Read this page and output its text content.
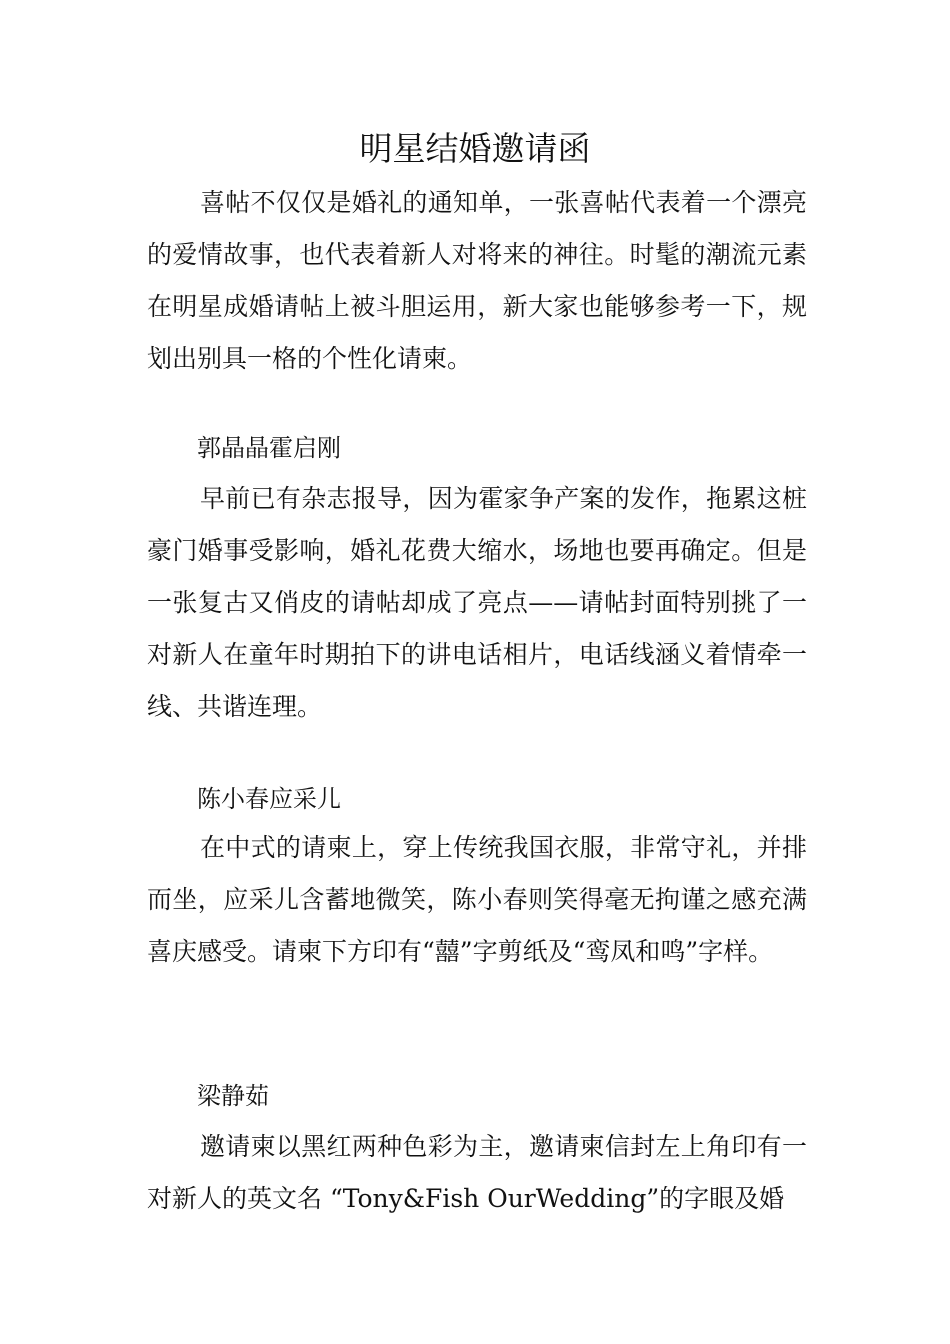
明星结婚邀请函

喜帖不仅仅是婚礼的通知单，一张喜帖代表着一个漂亮的爱情故事，也代表着新人对将来的神往。时髦的潮流元素在明星成婚请帖上被斗胆运用，新大家也能够参考一下，规划出别具一格的个性化请柬。

郭晶晶霍启刚

早前已有杂志报导，因为霍家争产案的发作，拖累这桩豪门婚事受影响，婚礼花费大缩水，场地也要再确定。但是一张复古又俏皮的请帖却成了亮点——请帖封面特别挑了一对新人在童年时期拍下的讲电话相片，电话线涵义着情牵一线、共谐连理。

陈小春应采儿

在中式的请柬上，穿上传统我国衣服，非常守礼，并排而坐，应采儿含蓄地微笑，陈小春则笑得毫无拘谨之感充满喜庆感受。请柬下方印有“囍”字剪纸及“鸾凤和鸣”字样。

梁静茹

邀请柬以黑红两种色彩为主，邀请柬信封左上角印有一对新人的英文名 “Tony&Fish OurWedding”的字眼及婚
